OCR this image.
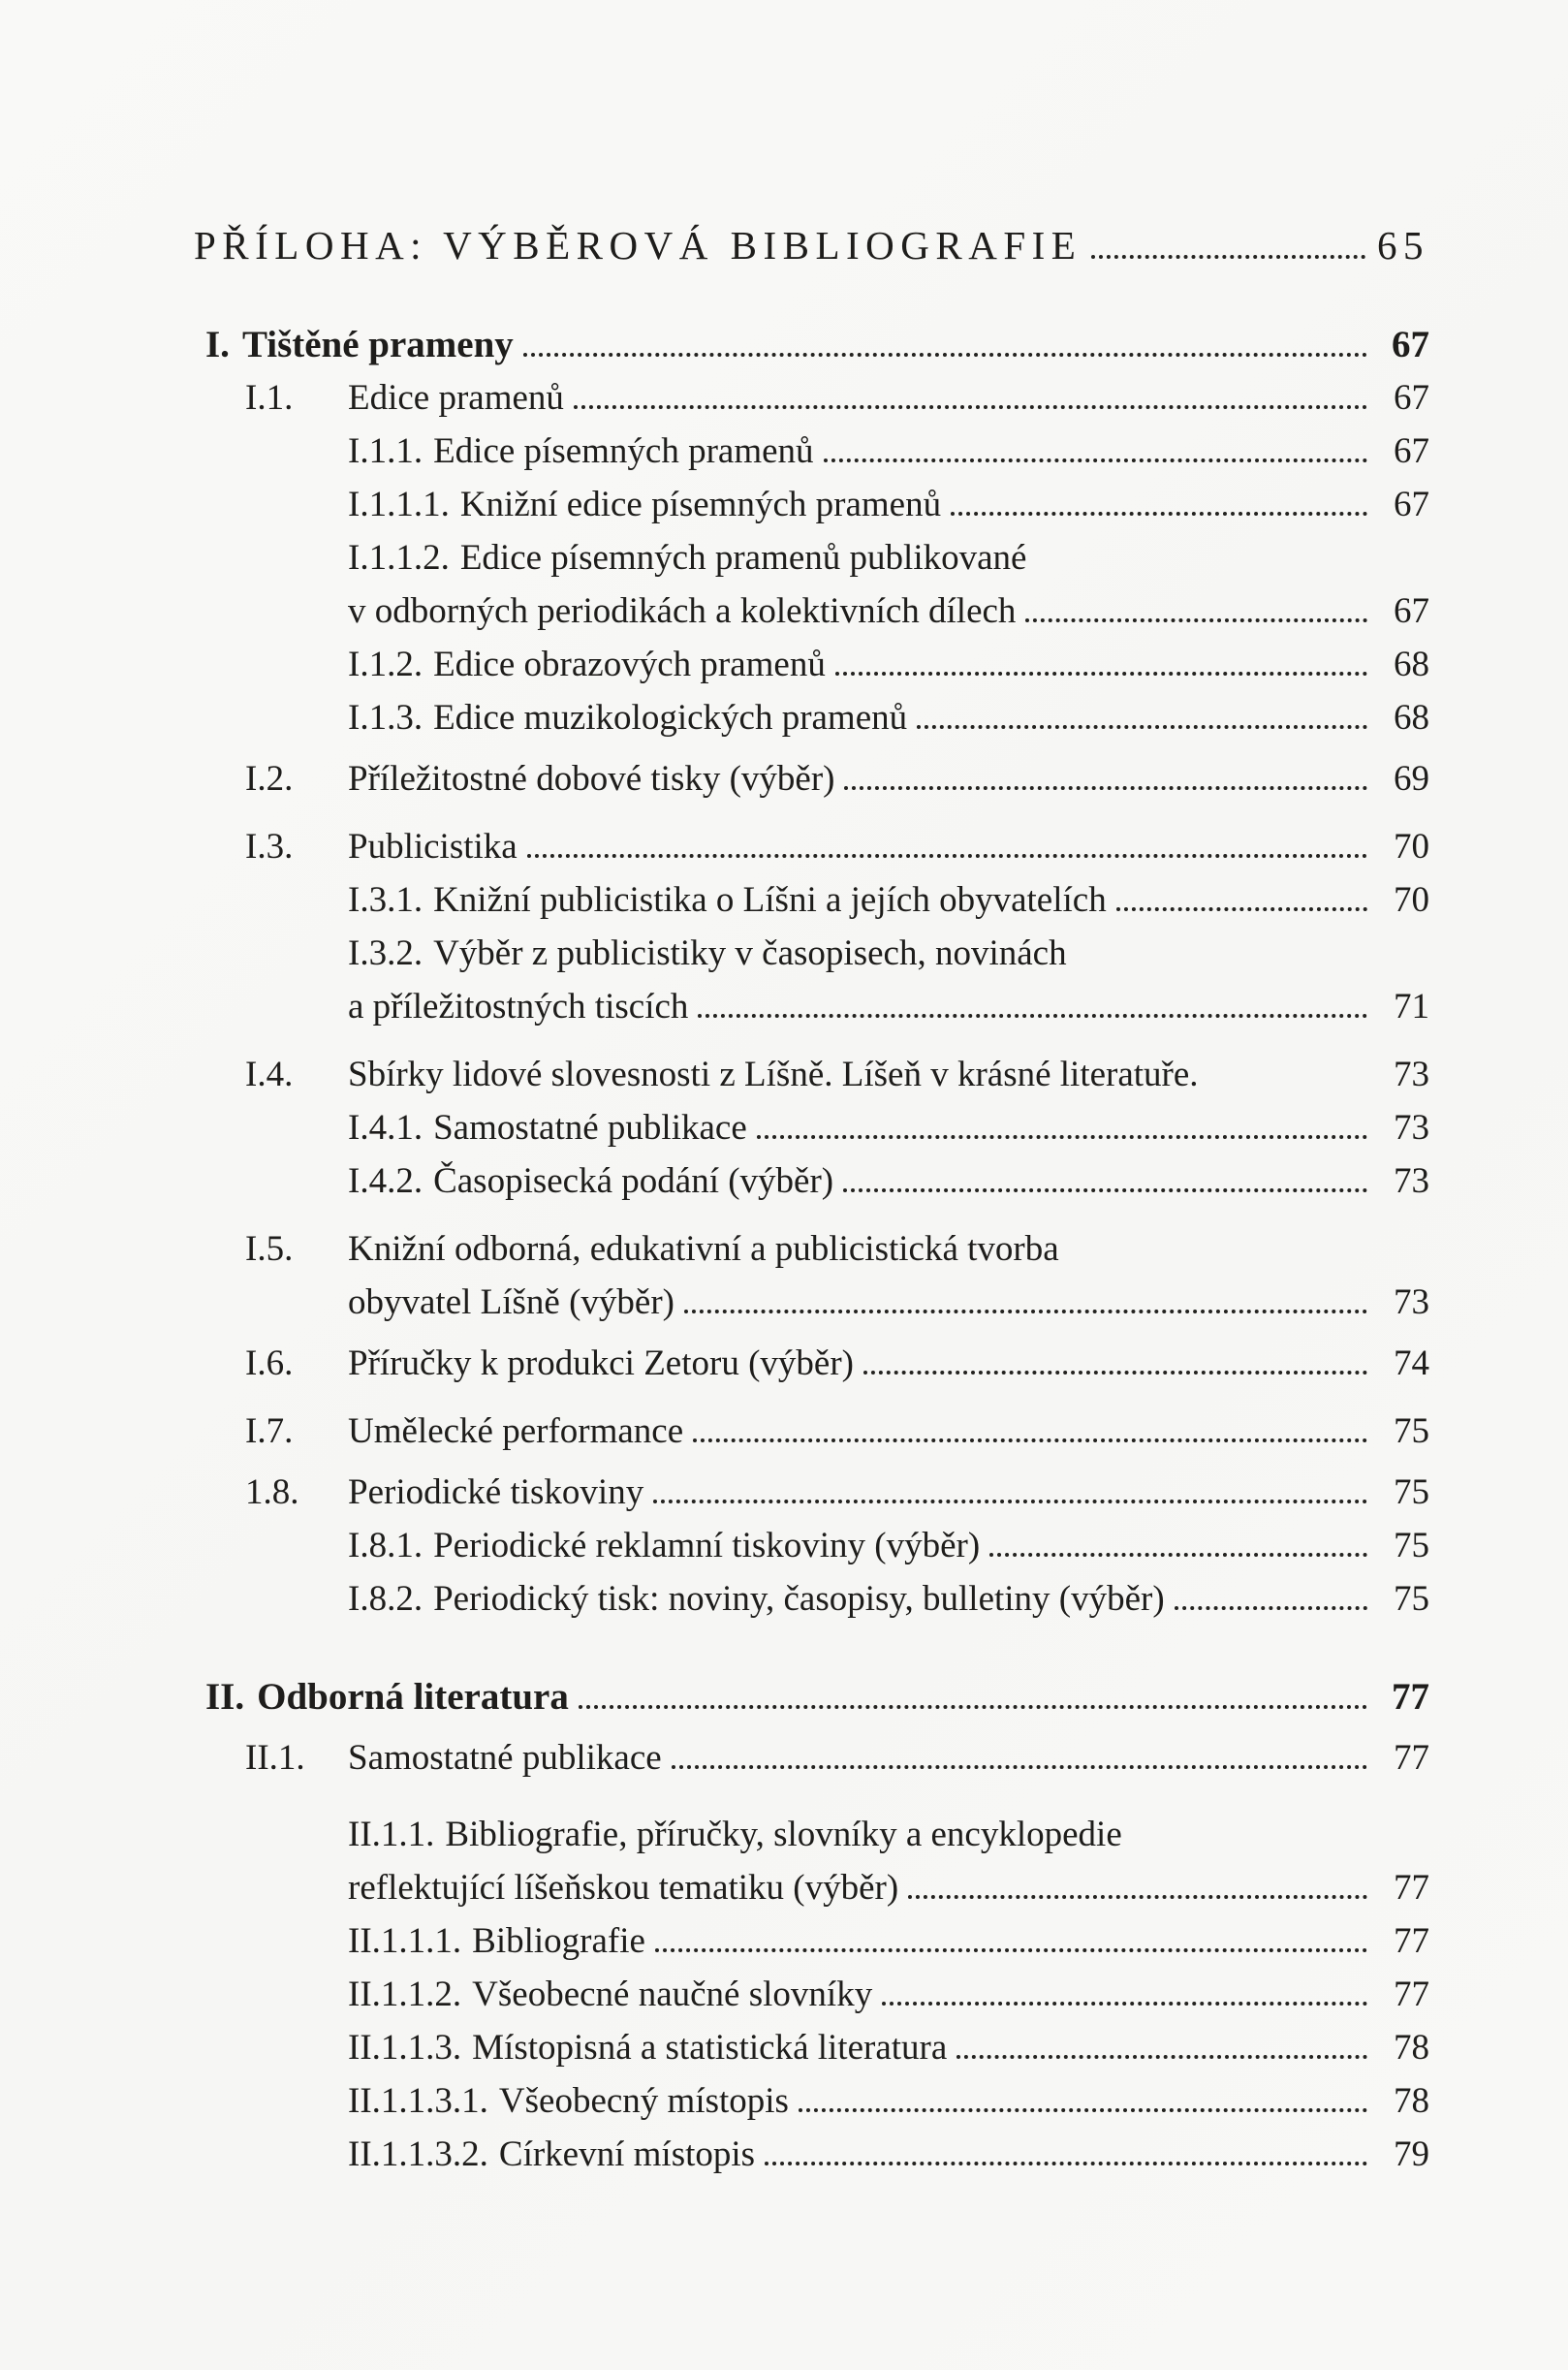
PŘÍLOHA: VÝBĚROVÁ BIBLIOGRAFIE	65
I. Tištěné prameny	67
I.1.	Edice pramenů	67
I.1.1. Edice písemných pramenů	67
I.1.1.1. Knižní edice písemných pramenů	67
I.1.1.2. Edice písemných pramenů publikované
v odborných periodikách a kolektivních dílech	67
I.1.2. Edice obrazových pramenů	68
I.1.3. Edice muzikologických pramenů	68
I.2.	Příležitostné dobové tisky (výběr)	69
I.3.	Publicistika	70
I.3.1. Knižní publicistika o Líšni a jejích obyvatelích	70
I.3.2. Výběr z publicistiky v časopisech, novinách
a příležitostných tiscích	71
I.4.	Sbírky lidové slovesnosti z Líšně. Líšeň v krásné literatuře.	73
I.4.1. Samostatné publikace	73
I.4.2. Časopisecká podání (výběr)	73
I.5.	Knižní odborná, edukativní a publicistická tvorba
obyvatel Líšně (výběr)	73
I.6.	Příručky k produkci Zetoru (výběr)	74
I.7.	Umělecké performance	75
1.8.	Periodické tiskoviny	75
I.8.1. Periodické reklamní tiskoviny (výběr)	75
I.8.2. Periodický tisk: noviny, časopisy, bulletiny (výběr)	75
II. Odborná literatura	77
II.1.	Samostatné publikace	77
II.1.1. Bibliografie, příručky, slovníky a encyklopedie
reflektující líšeňskou tematiku (výběr)	77
II.1.1.1. Bibliografie	77
II.1.1.2. Všeobecné naučné slovníky	77
II.1.1.3. Místopisná a statistická literatura	78
II.1.1.3.1. Všeobecný místopis	78
II.1.1.3.2. Církevní místopis	79
